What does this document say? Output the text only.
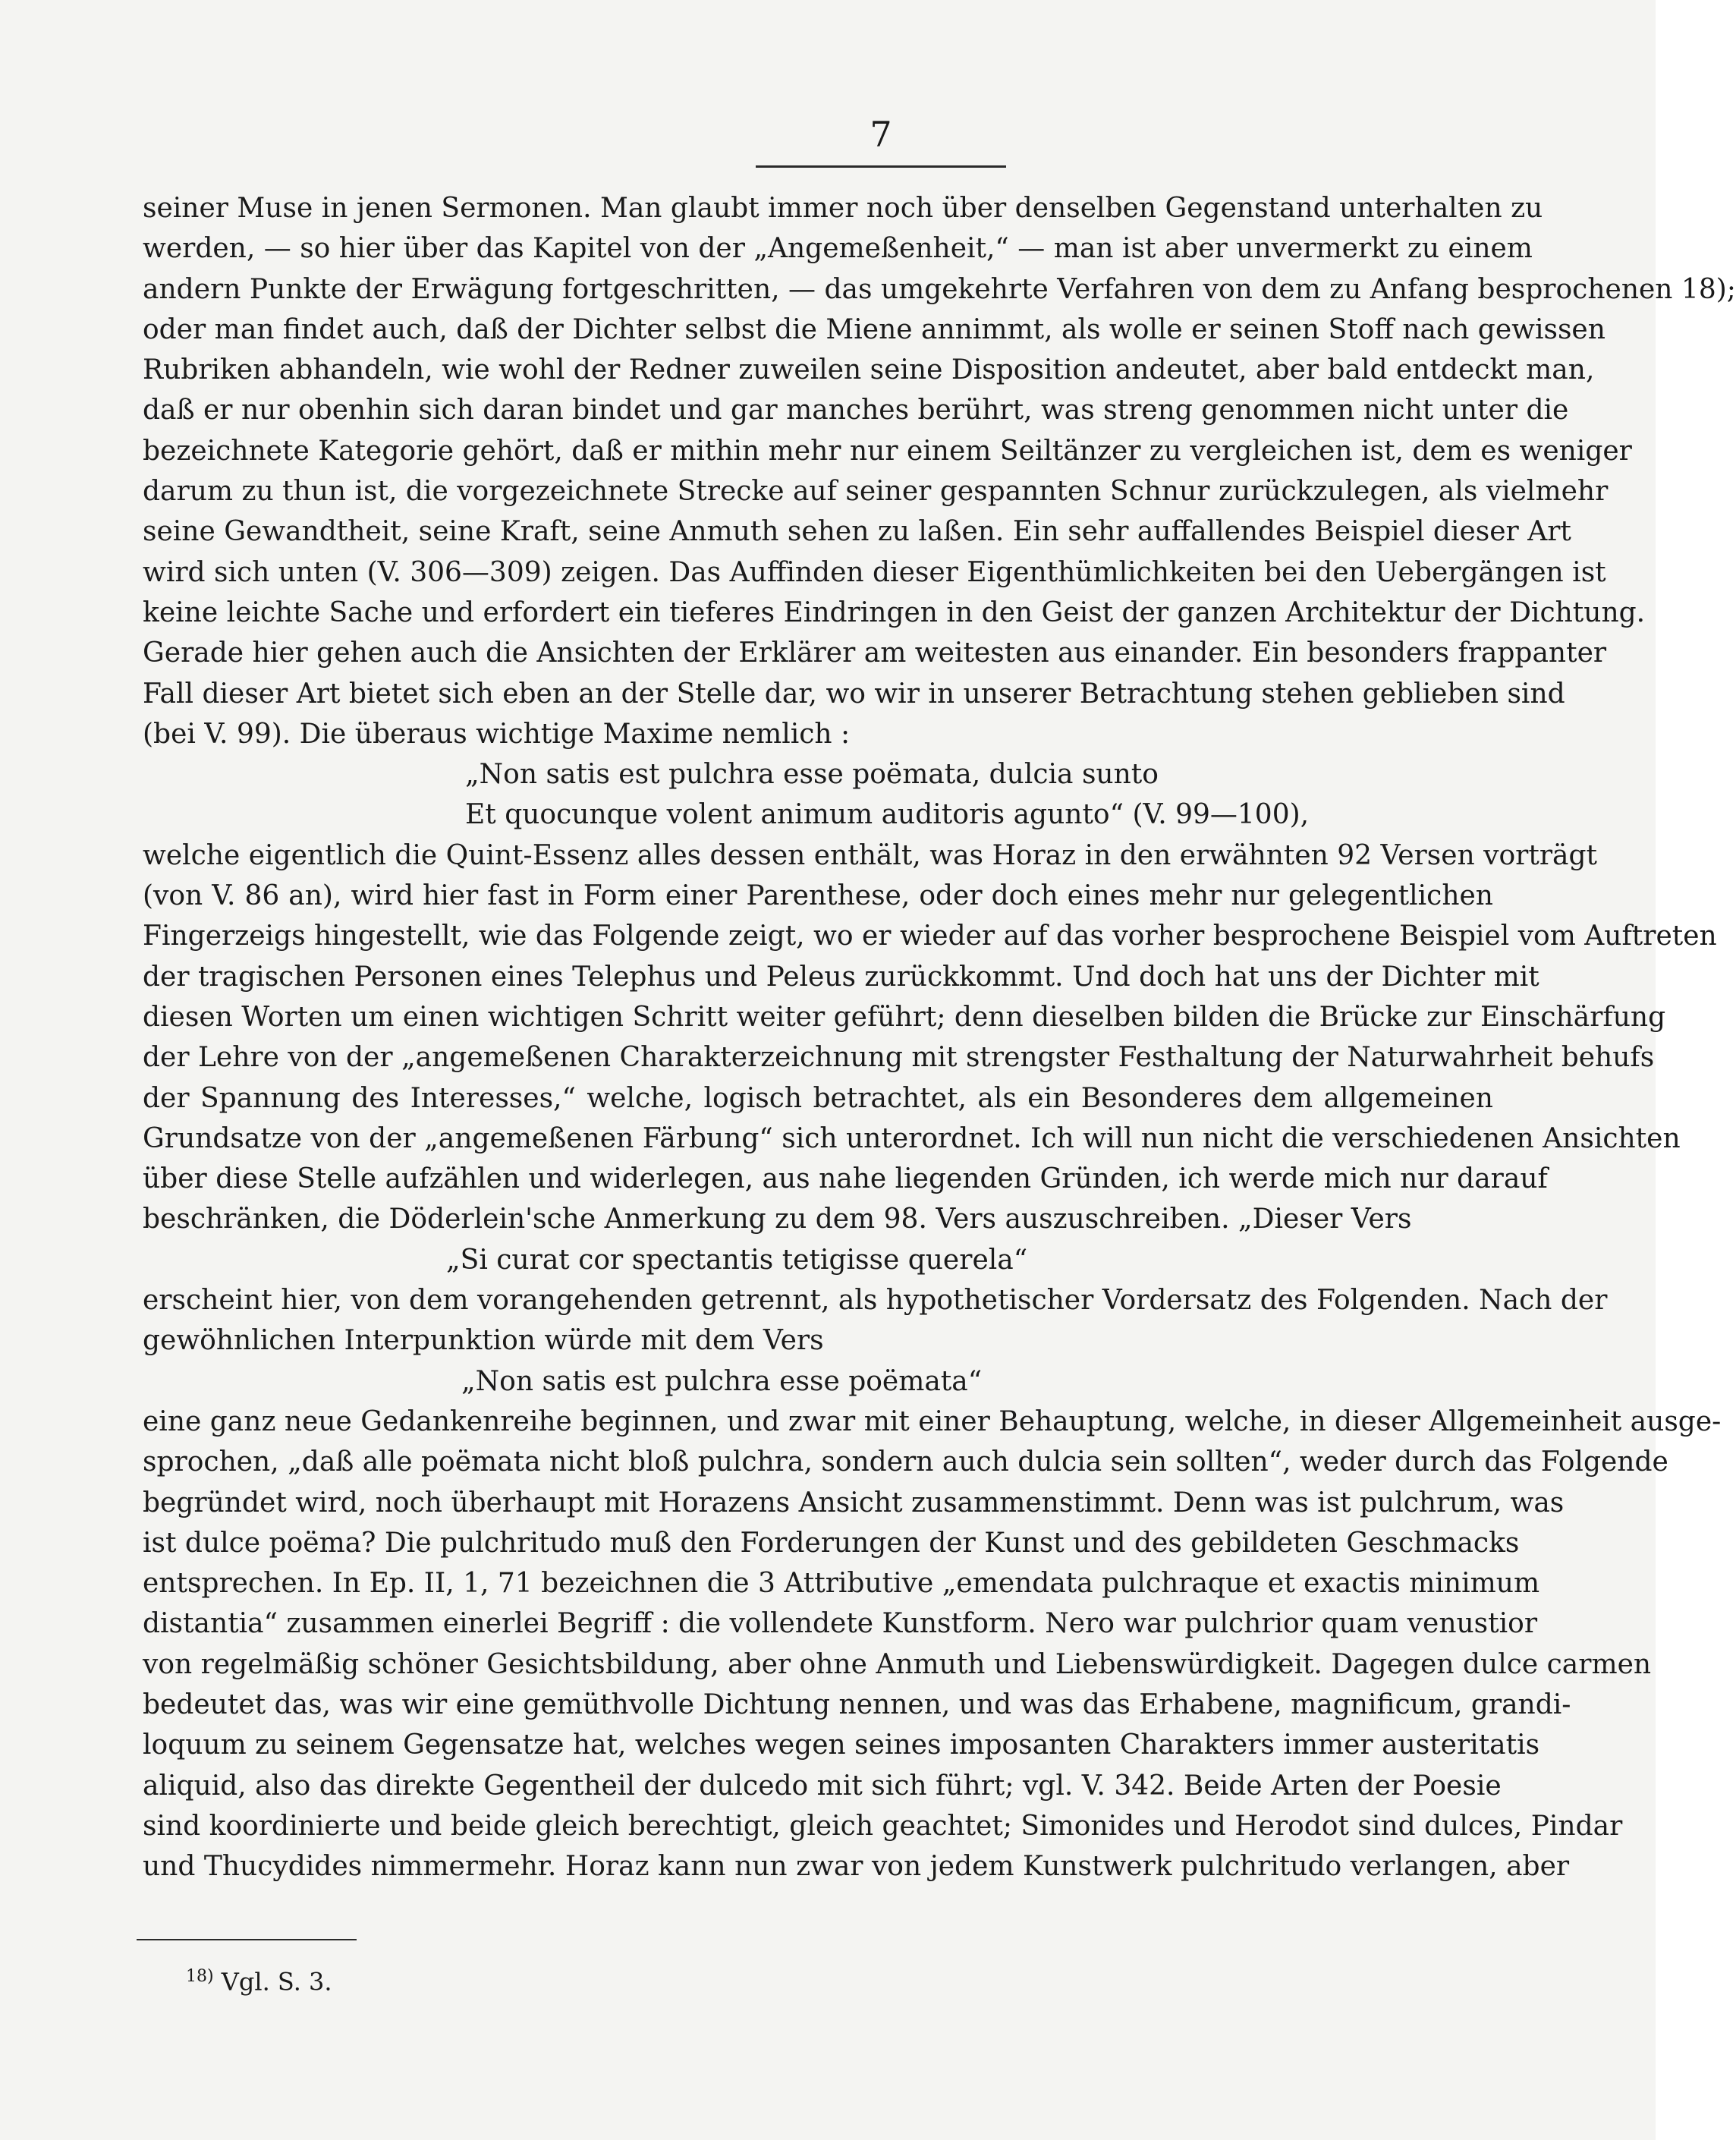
7
seiner Muse in jenen Sermonen. Man glaubt immer noch über denselben Gegenstand unterhalten zu
werden, — so hier über das Kapitel von der „Angemeßenheit,“ — man ist aber unvermerkt zu einem
andern Punkte der Erwägung fortgeschritten, — das umgekehrte Verfahren von dem zu Anfang besprochenen 18);
oder man findet auch, daß der Dichter selbst die Miene annimmt, als wolle er seinen Stoff nach gewissen
Rubriken abhandeln, wie wohl der Redner zuweilen seine Disposition andeutet, aber bald entdeckt man,
daß er nur obenhin sich daran bindet und gar manches berührt, was streng genommen nicht unter die
bezeichnete Kategorie gehört, daß er mithin mehr nur einem Seiltänzer zu vergleichen ist, dem es weniger
darum zu thun ist, die vorgezeichnete Strecke auf seiner gespannten Schnur zurückzulegen, als vielmehr
seine Gewandtheit, seine Kraft, seine Anmuth sehen zu laßen. Ein sehr auffallendes Beispiel dieser Art
wird sich unten (V. 306—309) zeigen. Das Auffinden dieser Eigenthümlichkeiten bei den Uebergängen ist
keine leichte Sache und erfordert ein tieferes Eindringen in den Geist der ganzen Architektur der Dichtung.
Gerade hier gehen auch die Ansichten der Erklärer am weitesten aus einander. Ein besonders frappanter
Fall dieser Art bietet sich eben an der Stelle dar, wo wir in unserer Betrachtung stehen geblieben sind
(bei V. 99). Die überaus wichtige Maxime nemlich :
„Non satis est pulchra esse poëmata, dulcia sunto
Et quocunque volent animum auditoris agunto“ (V. 99—100),
welche eigentlich die Quint-Essenz alles dessen enthält, was Horaz in den erwähnten 92 Versen vorträgt
(von V. 86 an), wird hier fast in Form einer Parenthese, oder doch eines mehr nur gelegentlichen
Fingerzeigs hingestellt, wie das Folgende zeigt, wo er wieder auf das vorher besprochene Beispiel vom Auftreten
der tragischen Personen eines Telephus und Peleus zurückkommt. Und doch hat uns der Dichter mit
diesen Worten um einen wichtigen Schritt weiter geführt; denn dieselben bilden die Brücke zur Einschärfung
der Lehre von der „angemeßenen Charakterzeichnung mit strengster Festhaltung der Naturwahrheit behufs
der Spannung des Interesses,“ welche, logisch betrachtet, als ein Besonderes dem allgemeinen
Grundsatze von der „angemeßenen Färbung“ sich unterordnet. Ich will nun nicht die verschiedenen Ansichten
über diese Stelle aufzählen und widerlegen, aus nahe liegenden Gründen, ich werde mich nur darauf
beschränken, die Döderlein'sche Anmerkung zu dem 98. Vers auszuschreiben. „Dieser Vers
„Si curat cor spectantis tetigisse querela“
erscheint hier, von dem vorangehenden getrennt, als hypothetischer Vordersatz des Folgenden. Nach der
gewöhnlichen Interpunktion würde mit dem Vers
„Non satis est pulchra esse poëmata“
eine ganz neue Gedankenreihe beginnen, und zwar mit einer Behauptung, welche, in dieser Allgemeinheit ausge-
sprochen, „daß alle poëmata nicht bloß pulchra, sondern auch dulcia sein sollten“, weder durch das Folgende
begründet wird, noch überhaupt mit Horazens Ansicht zusammenstimmt. Denn was ist pulchrum, was
ist dulce poëma? Die pulchritudo muß den Forderungen der Kunst und des gebildeten Geschmacks
entsprechen. In Ep. II, 1, 71 bezeichnen die 3 Attributive „emendata pulchraque et exactis minimum
distantia“ zusammen einerlei Begriff : die vollendete Kunstform. Nero war pulchrior quam venustior
von regelmäßig schöner Gesichtsbildung, aber ohne Anmuth und Liebenswürdigkeit. Dagegen dulce carmen
bedeutet das, was wir eine gemüthvolle Dichtung nennen, und was das Erhabene, magnificum, grandi-
loquum zu seinem Gegensatze hat, welches wegen seines imposanten Charakters immer austeritatis
aliquid, also das direkte Gegentheil der dulcedo mit sich führt; vgl. V. 342. Beide Arten der Poesie
sind koordinierte und beide gleich berechtigt, gleich geachtet; Simonides und Herodot sind dulces, Pindar
und Thucydides nimmermehr. Horaz kann nun zwar von jedem Kunstwerk pulchritudo verlangen, aber
$^{18)}$ Vgl. S. 3.
